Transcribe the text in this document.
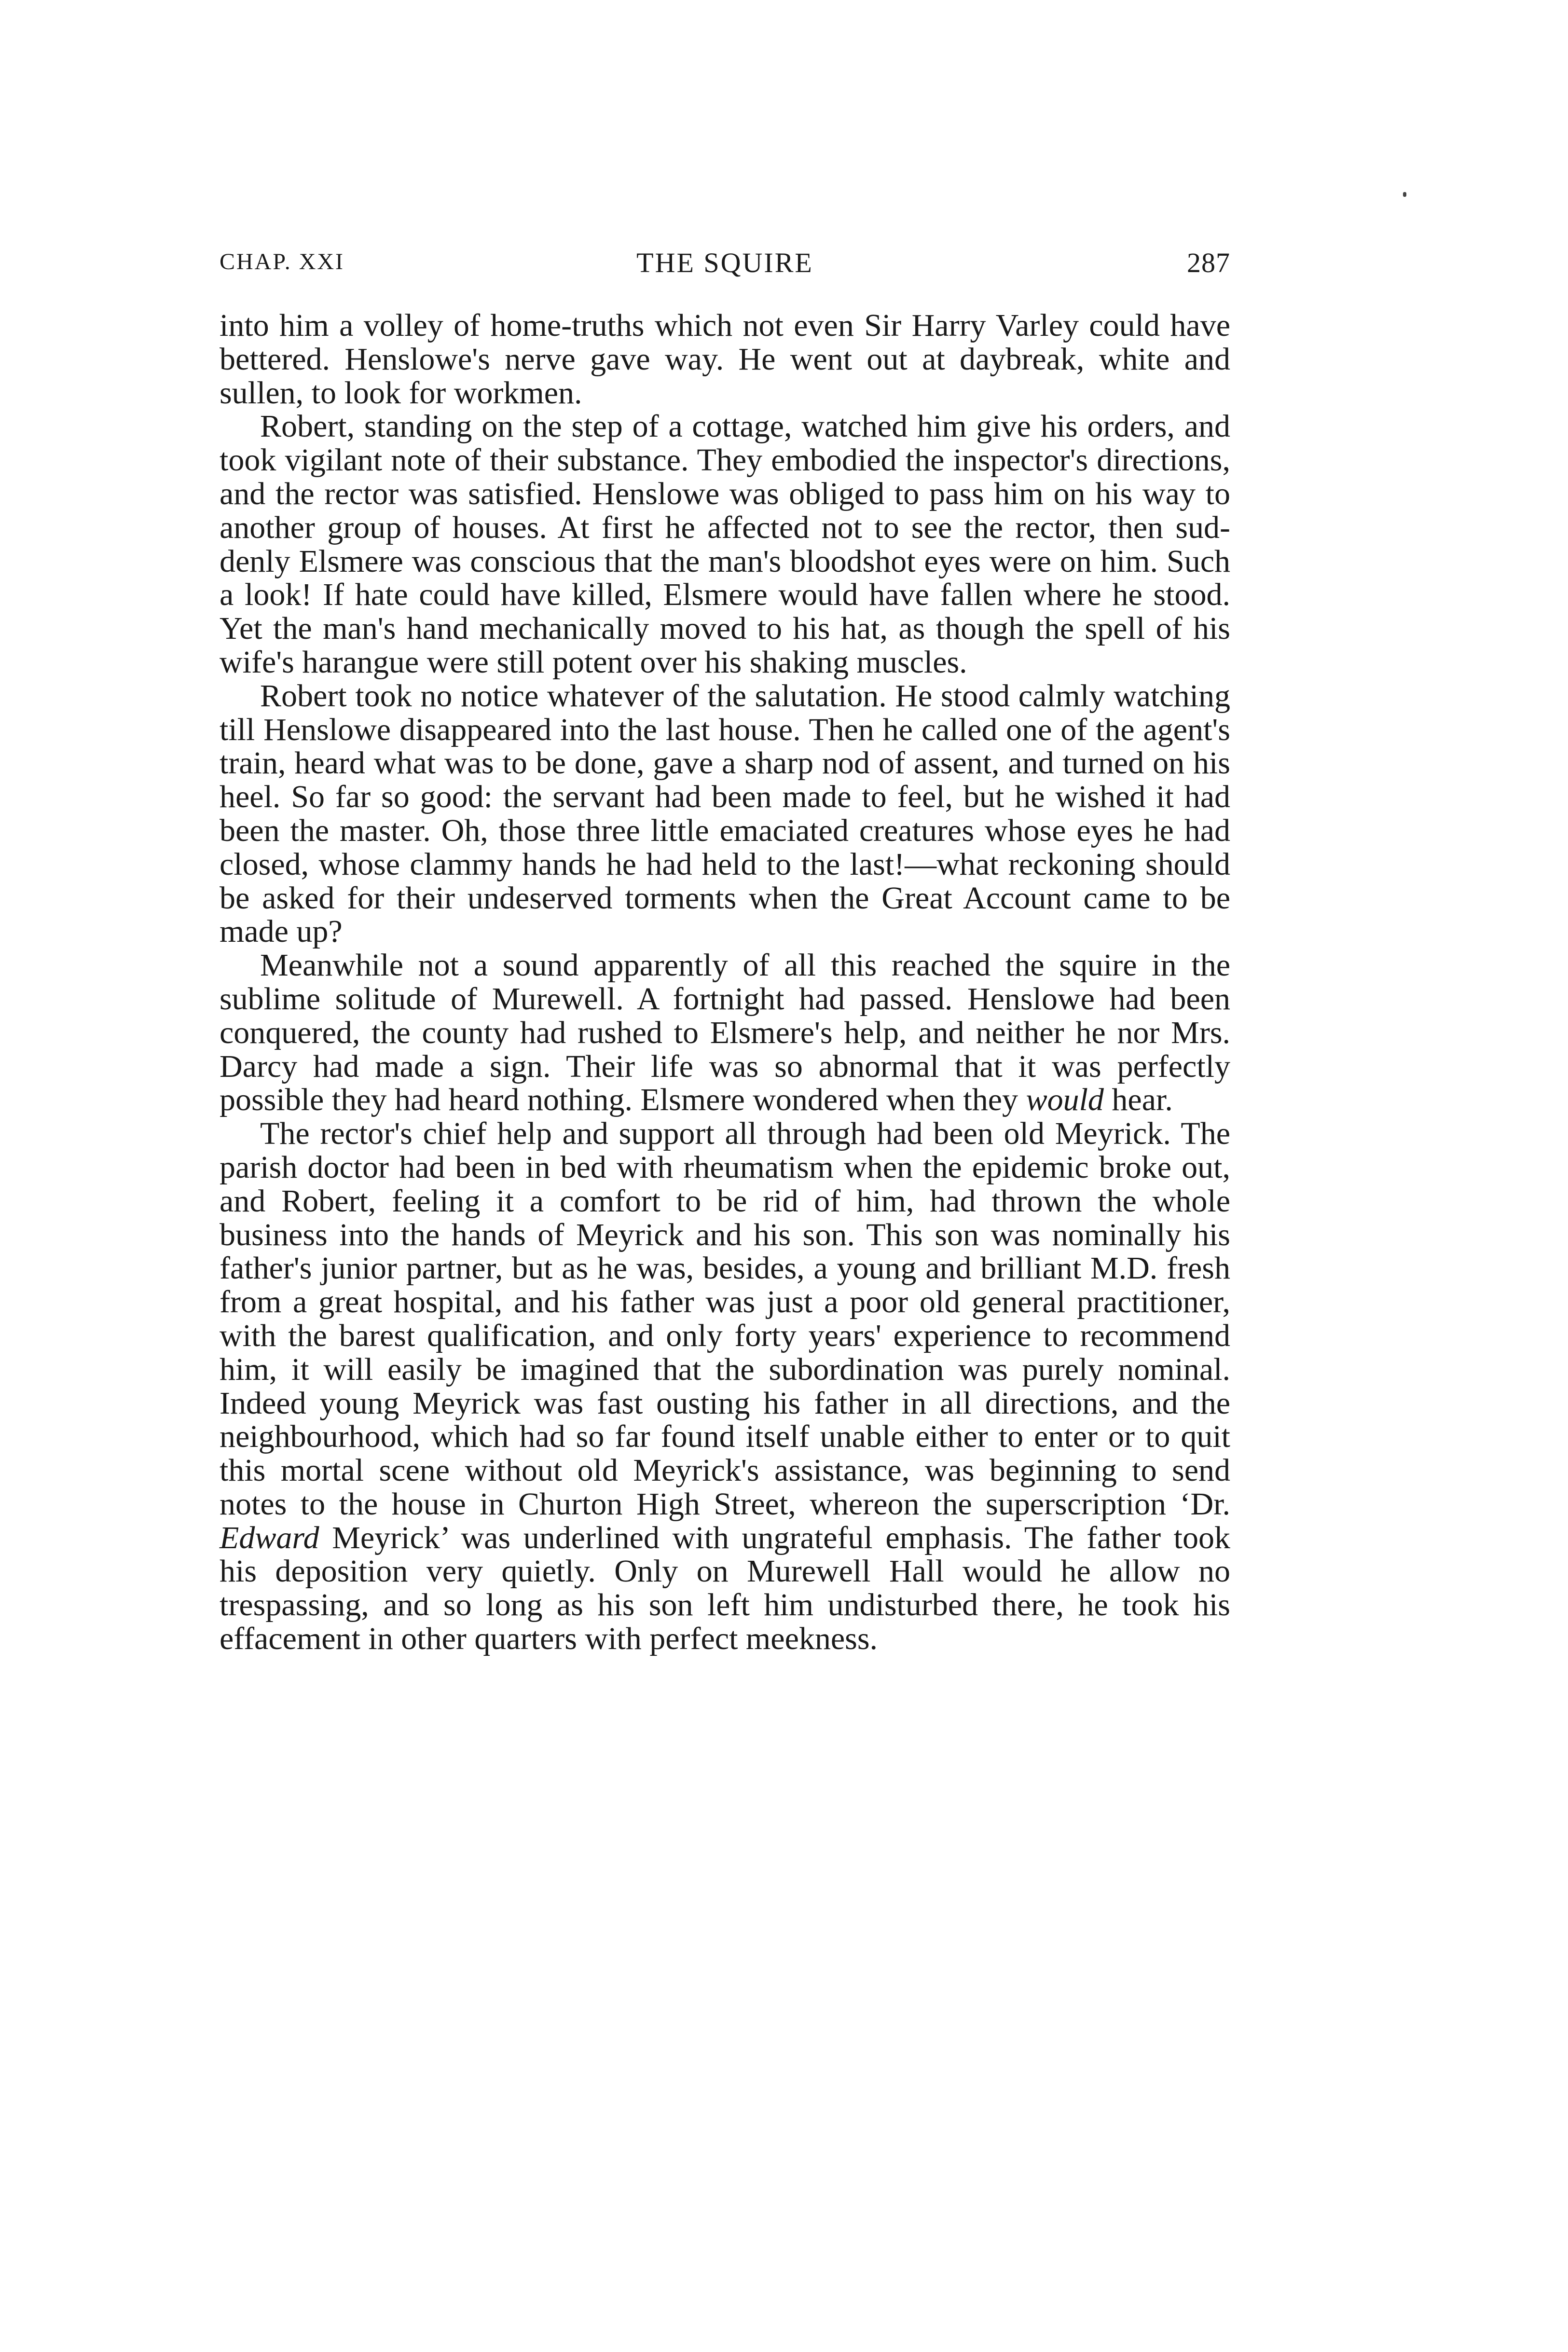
CHAP. XXI	THE SQUIRE	287

into him a volley of home-truths which not even Sir Harry Varley could have bettered. Henslowe's nerve gave way. He went out at daybreak, white and sullen, to look for workmen.

Robert, standing on the step of a cottage, watched him give his orders, and took vigilant note of their substance. They embodied the inspector's directions, and the rector was satisfied. Henslowe was obliged to pass him on his way to another group of houses. At first he affected not to see the rector, then suddenly Elsmere was conscious that the man's bloodshot eyes were on him. Such a look! If hate could have killed, Elsmere would have fallen where he stood. Yet the man's hand mechanically moved to his hat, as though the spell of his wife's harangue were still potent over his shaking muscles.

Robert took no notice whatever of the salutation. He stood calmly watching till Henslowe disappeared into the last house. Then he called one of the agent's train, heard what was to be done, gave a sharp nod of assent, and turned on his heel. So far so good: the servant had been made to feel, but he wished it had been the master. Oh, those three little emaciated creatures whose eyes he had closed, whose clammy hands he had held to the last!—what reckoning should be asked for their undeserved torments when the Great Account came to be made up?

Meanwhile not a sound apparently of all this reached the squire in the sublime solitude of Murewell. A fortnight had passed. Henslowe had been conquered, the county had rushed to Elsmere's help, and neither he nor Mrs. Darcy had made a sign. Their life was so abnormal that it was perfectly possible they had heard nothing. Elsmere wondered when they would hear.

The rector's chief help and support all through had been old Meyrick. The parish doctor had been in bed with rheumatism when the epidemic broke out, and Robert, feeling it a comfort to be rid of him, had thrown the whole business into the hands of Meyrick and his son. This son was nominally his father's junior partner, but as he was, besides, a young and brilliant M.D. fresh from a great hospital, and his father was just a poor old general practitioner, with the barest qualification, and only forty years' experience to recommend him, it will easily be imagined that the subordination was purely nominal. Indeed young Meyrick was fast ousting his father in all directions, and the neighbourhood, which had so far found itself unable either to enter or to quit this mortal scene without old Meyrick's assistance, was beginning to send notes to the house in Churton High Street, whereon the superscription ‘Dr. Edward Meyrick’ was underlined with ungrateful emphasis. The father took his deposition very quietly. Only on Murewell Hall would he allow no trespassing, and so long as his son left him undisturbed there, he took his effacement in other quarters with perfect meekness.
